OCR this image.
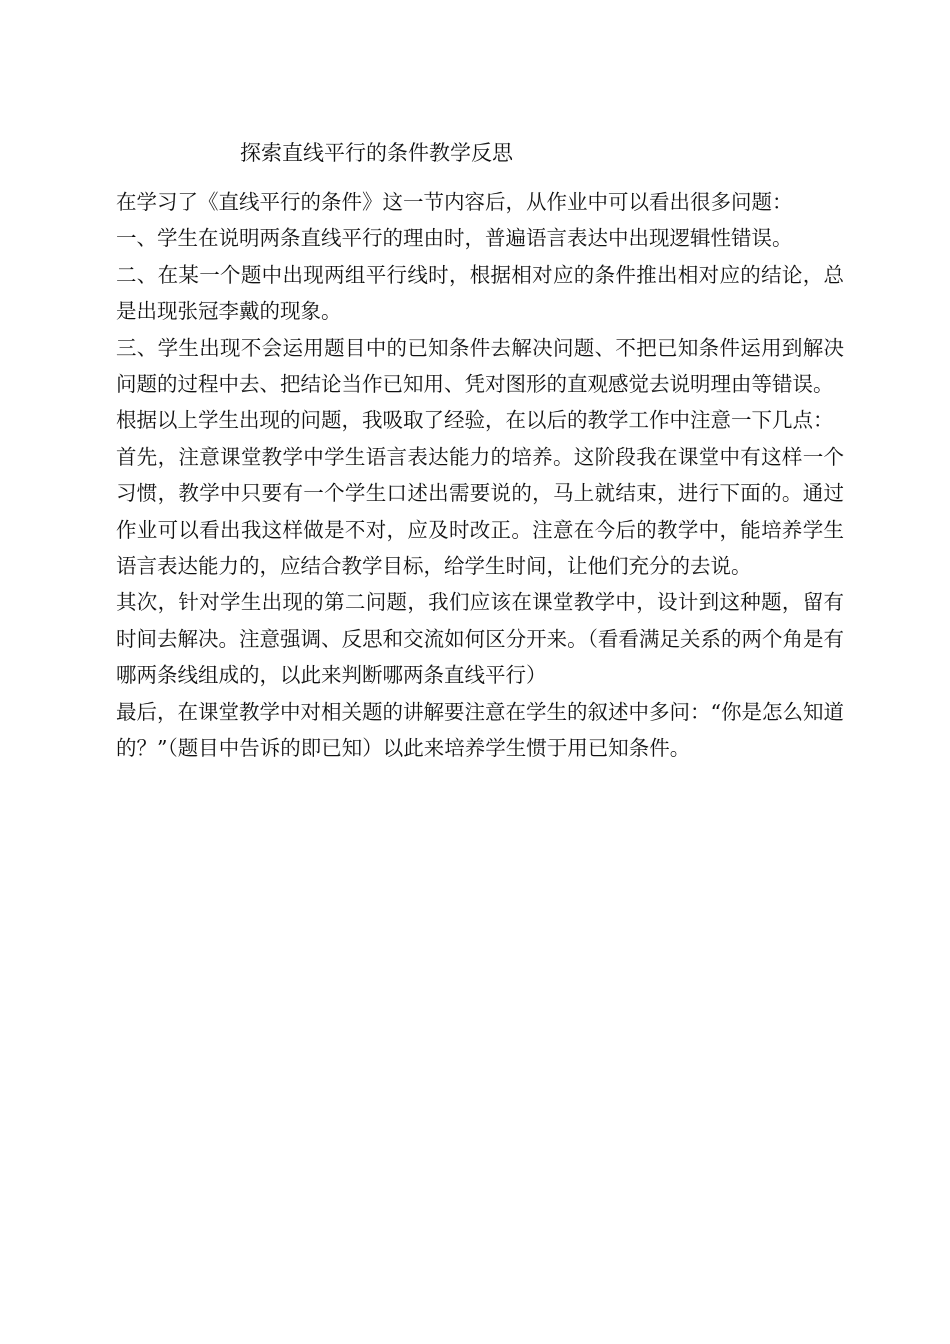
探索直线平行的条件教学反思

在学习了《直线平行的条件》这一节内容后，从作业中可以看出很多问题：

一、学生在说明两条直线平行的理由时，普遍语言表达中出现逻辑性错误。

二、在某一个题中出现两组平行线时，根据相对应的条件推出相对应的结论，总是出现张冠李戴的现象。

三、学生出现不会运用题目中的已知条件去解决问题、不把已知条件运用到解决问题的过程中去、把结论当作已知用、凭对图形的直观感觉去说明理由等错误。

根据以上学生出现的问题，我吸取了经验，在以后的教学工作中注意一下几点：

首先，注意课堂教学中学生语言表达能力的培养。这阶段我在课堂中有这样一个习惯，教学中只要有一个学生口述出需要说的，马上就结束，进行下面的。通过作业可以看出我这样做是不对，应及时改正。注意在今后的教学中，能培养学生语言表达能力的，应结合教学目标，给学生时间，让他们充分的去说。

其次，针对学生出现的第二问题，我们应该在课堂教学中，设计到这种题，留有时间去解决。注意强调、反思和交流如何区分开来。（看看满足关系的两个角是有哪两条线组成的，以此来判断哪两条直线平行）

最后，在课堂教学中对相关题的讲解要注意在学生的叙述中多问：“你是怎么知道的？”（题目中告诉的即已知）以此来培养学生惯于用已知条件。
